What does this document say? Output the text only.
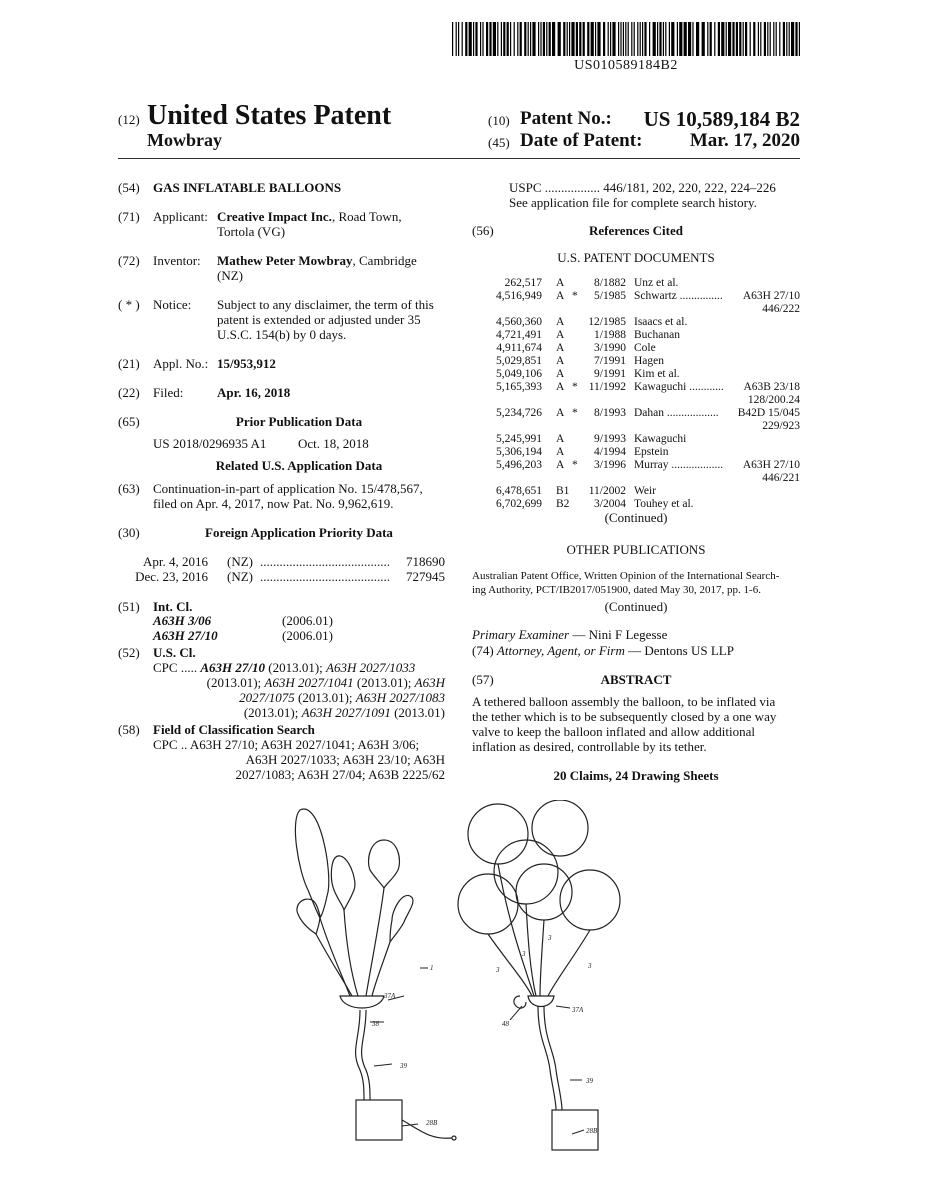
US010589184B2
(12) United States Patent
Mowbray
(10) Patent No.:	US 10,589,184 B2
(45) Date of Patent:	Mar. 17, 2020
(54) GAS INFLATABLE BALLOONS
(71) Applicant: Creative Impact Inc., Road Town,
Tortola (VG)
(72) Inventor: Mathew Peter Mowbray, Cambridge
(NZ)
( * ) Notice: Subject to any disclaimer, the term of this
patent is extended or adjusted under 35
U.S.C. 154(b) by 0 days.
(21) Appl. No.: 15/953,912
(22) Filed:	Apr. 16, 2018
(65)	Prior Publication Data
US 2018/0296935 A1 Oct. 18, 2018
Related U.S. Application Data
(63) Continuation-in-part of application No. 15/478,567,
filed on Apr. 4, 2017, now Pat. No. 9,962,619.
(30)	Foreign Application Priority Data
Apr. 4, 2016 (NZ) ........................................	718690
Dec. 23, 2016 (NZ) ........................................	727945
(51) Int. Cl.
A63H 3/06	(2006.01)
A63H 27/10	(2006.01)
(52) U.S. Cl.
CPC ..... A63H 27/10 (2013.01); A63H 2027/1033
(2013.01); A63H 2027/1041 (2013.01); A63H
2027/1075 (2013.01); A63H 2027/1083
(2013.01); A63H 2027/1091 (2013.01)
(58) Field of Classification Search
CPC .. A63H 27/10; A63H 2027/1041; A63H 3/06;
A63H 2027/1033; A63H 23/10; A63H
2027/1083; A63H 27/04; A63B 2225/62
USPC ................. 446/181, 202, 220, 222, 224–226
See application file for complete search history.
(56)	References Cited
U.S. PATENT DOCUMENTS
262,517 A	8/1882 Unz et al.
4,516,949 A *	5/1985 Schwartz ...............	A63H 27/10
446/222
4,560,360 A	12/1985 Isaacs et al.
4,721,491 A	1/1988 Buchanan
4,911,674 A	3/1990 Cole
5,029,851 A	7/1991 Hagen
5,049,106 A	9/1991 Kim et al.
5,165,393 A * 11/1992 Kawaguchi ............	A63B 23/18
128/200.24
5,234,726 A *	8/1993 Dahan ..................	B42D 15/045
229/923
5,245,991 A	9/1993 Kawaguchi
5,306,194 A	4/1994 Epstein
5,496,203 A *	3/1996 Murray ..................	A63H 27/10
446/221
6,478,651 B1	11/2002 Weir
6,702,699 B2	3/2004 Touhey et al.
(Continued)
OTHER PUBLICATIONS
Australian Patent Office, Written Opinion of the International Search-
ing Authority, PCT/IB2017/051900, dated May 30, 2017, pp. 1-6.
(Continued)
Primary Examiner — Nini F Legesse
(74) Attorney, Agent, or Firm — Dentons US LLP
(57)	ABSTRACT
A tethered balloon assembly the balloon, to be inflated via
the tether which is to be subsequently closed by a one way
valve to keep the balloon inflated and allow additional
inflation as desired, controllable by its tether.
20 Claims, 24 Drawing Sheets
1
37A
38
39
28B
3
3
3	3
37A
48
39
28B
